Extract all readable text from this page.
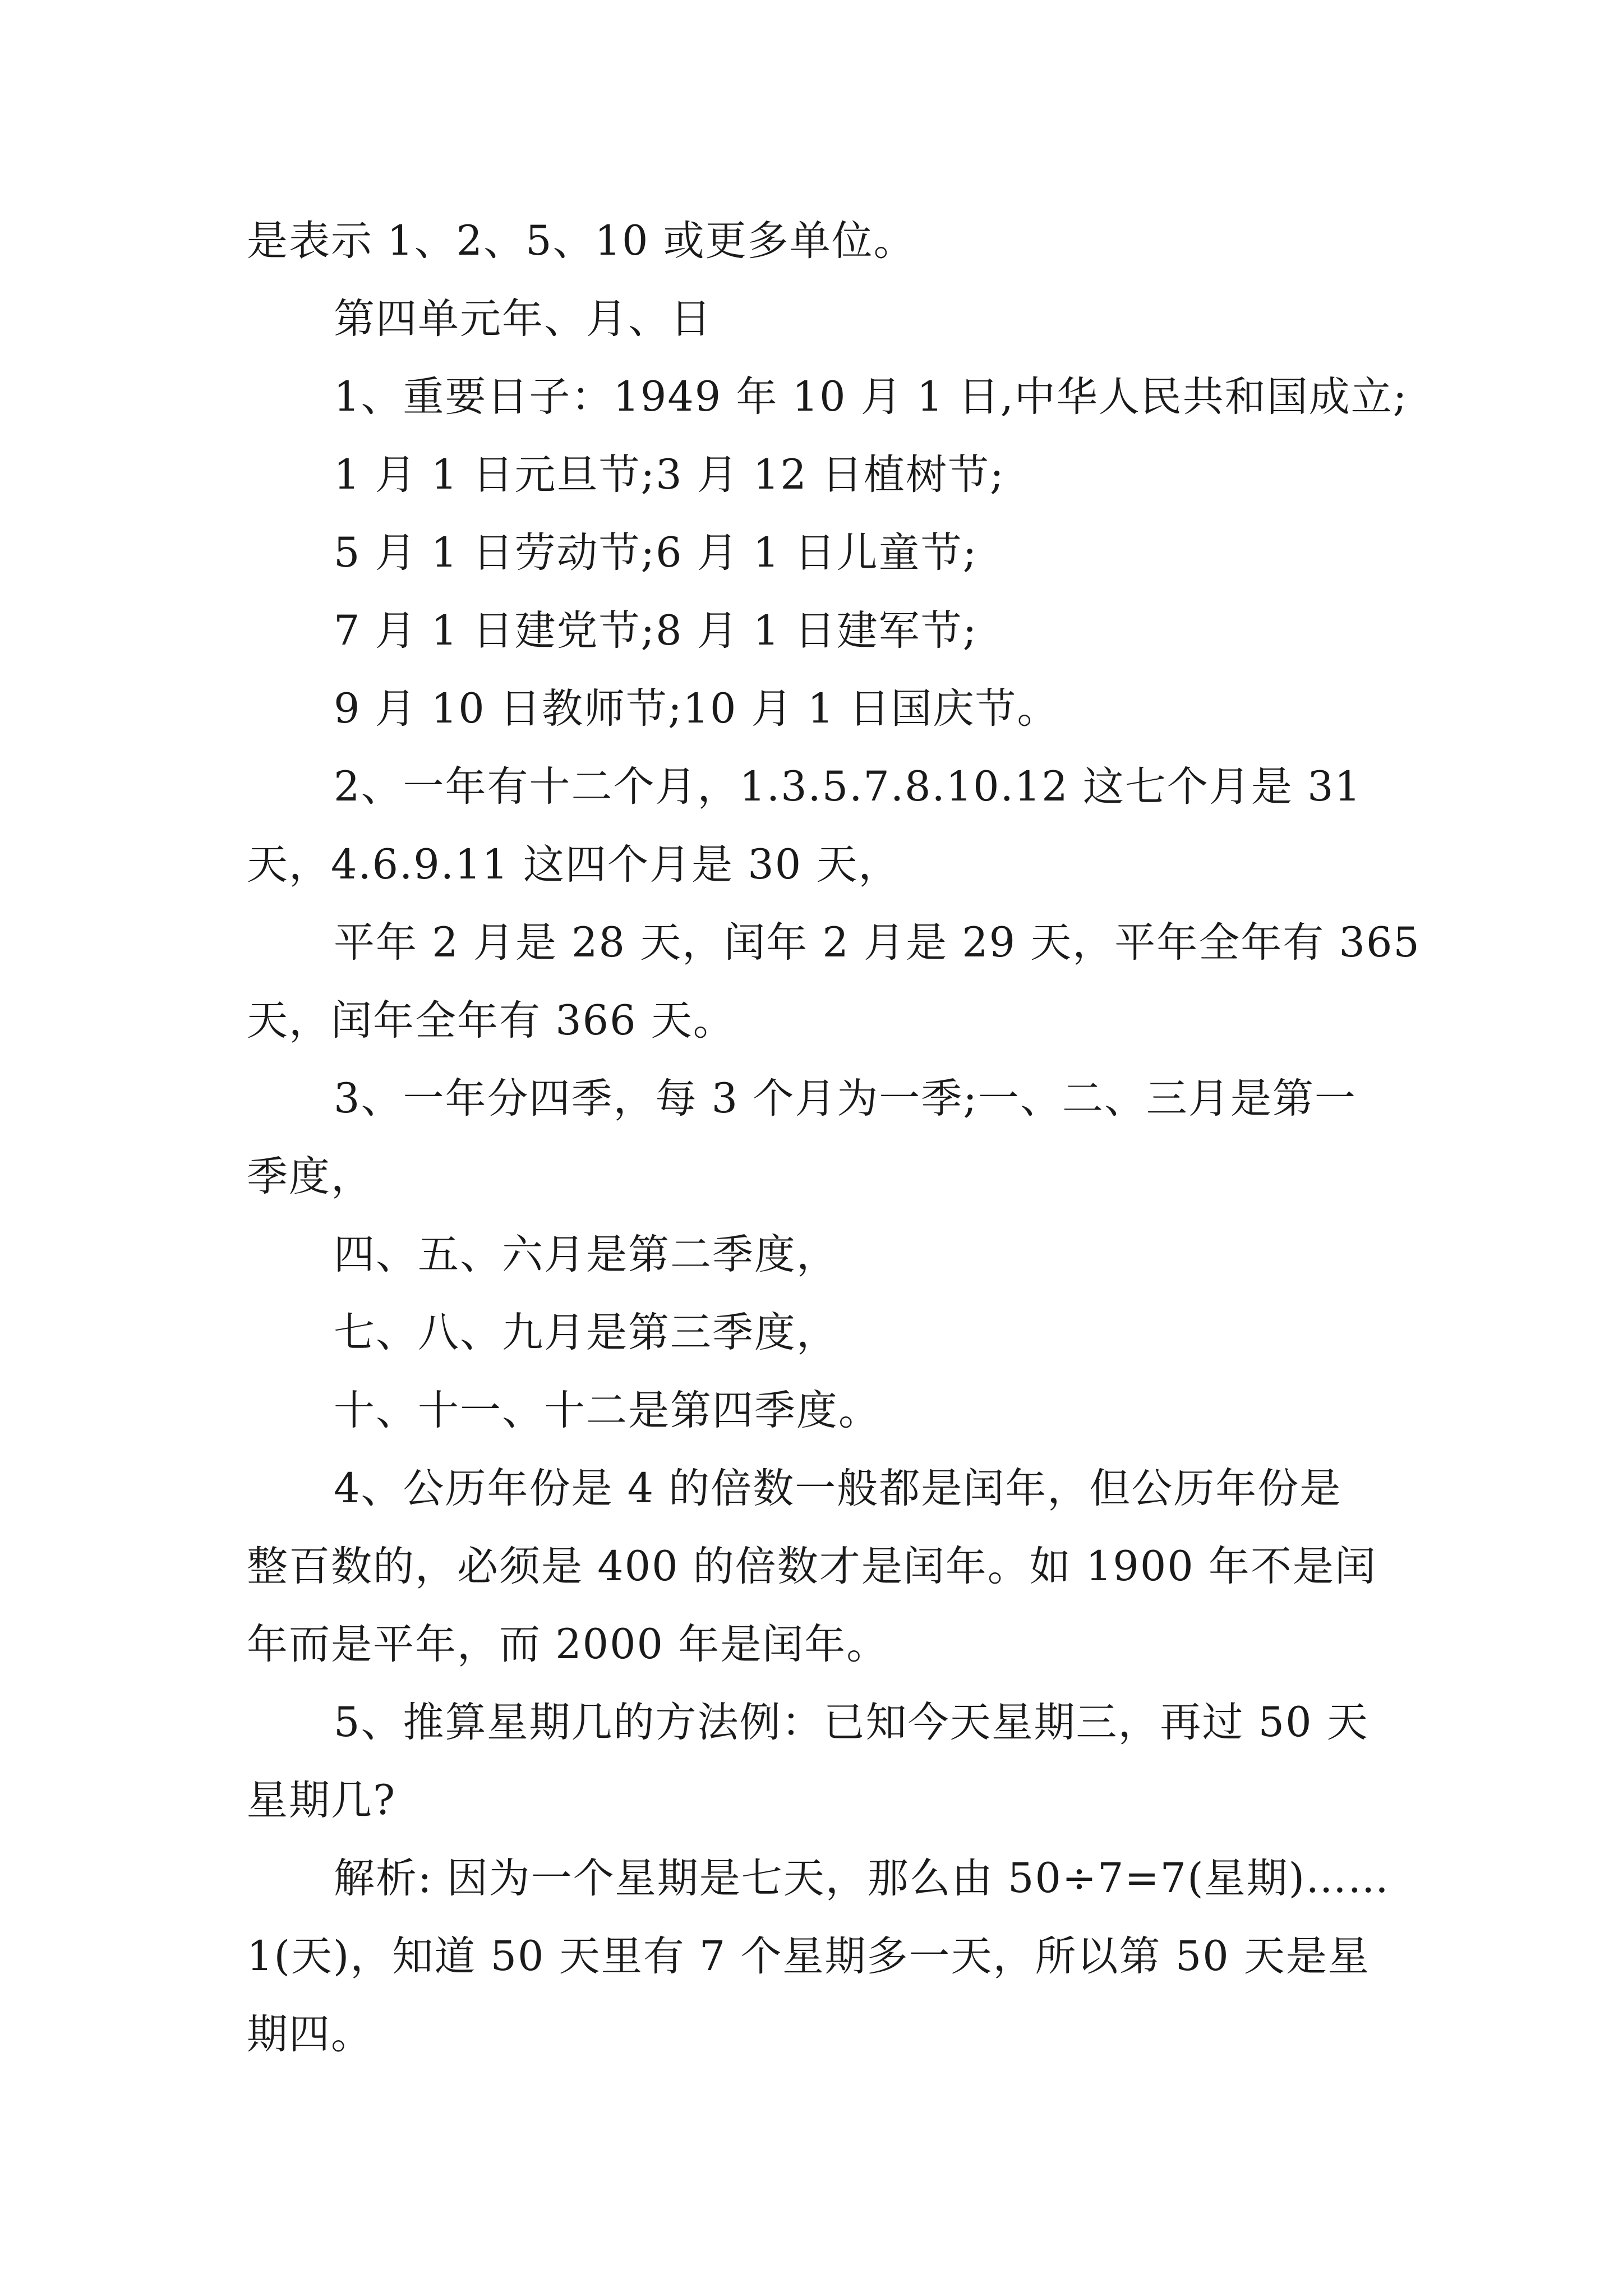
是表示 1、2、5、10 或更多单位。
第四单元年、月、日
1、重要日子：1949 年 10 月 1 日,中华人民共和国成立;
1 月 1 日元旦节;3 月 12 日植树节;
5 月 1 日劳动节;6 月 1 日儿童节;
7 月 1 日建党节;8 月 1 日建军节;
9 月 10 日教师节;10 月 1 日国庆节。
2、一年有十二个月，1.3.5.7.8.10.12 这七个月是 31
天，4.6.9.11 这四个月是 30 天，
平年 2 月是 28 天，闰年 2 月是 29 天，平年全年有 365
天，闰年全年有 366 天。
3、一年分四季，每 3 个月为一季;一、二、三月是第一
季度，
四、五、六月是第二季度，
七、八、九月是第三季度，
十、十一、十二是第四季度。
4、公历年份是 4 的倍数一般都是闰年，但公历年份是
整百数的，必须是 400 的倍数才是闰年。如 1900 年不是闰
年而是平年，而 2000 年是闰年。
5、推算星期几的方法例：已知今天星期三，再过 50 天
星期几?
解析: 因为一个星期是七天，那么由 50÷7=7(星期)……
1(天)，知道 50 天里有 7 个星期多一天，所以第 50 天是星
期四。
